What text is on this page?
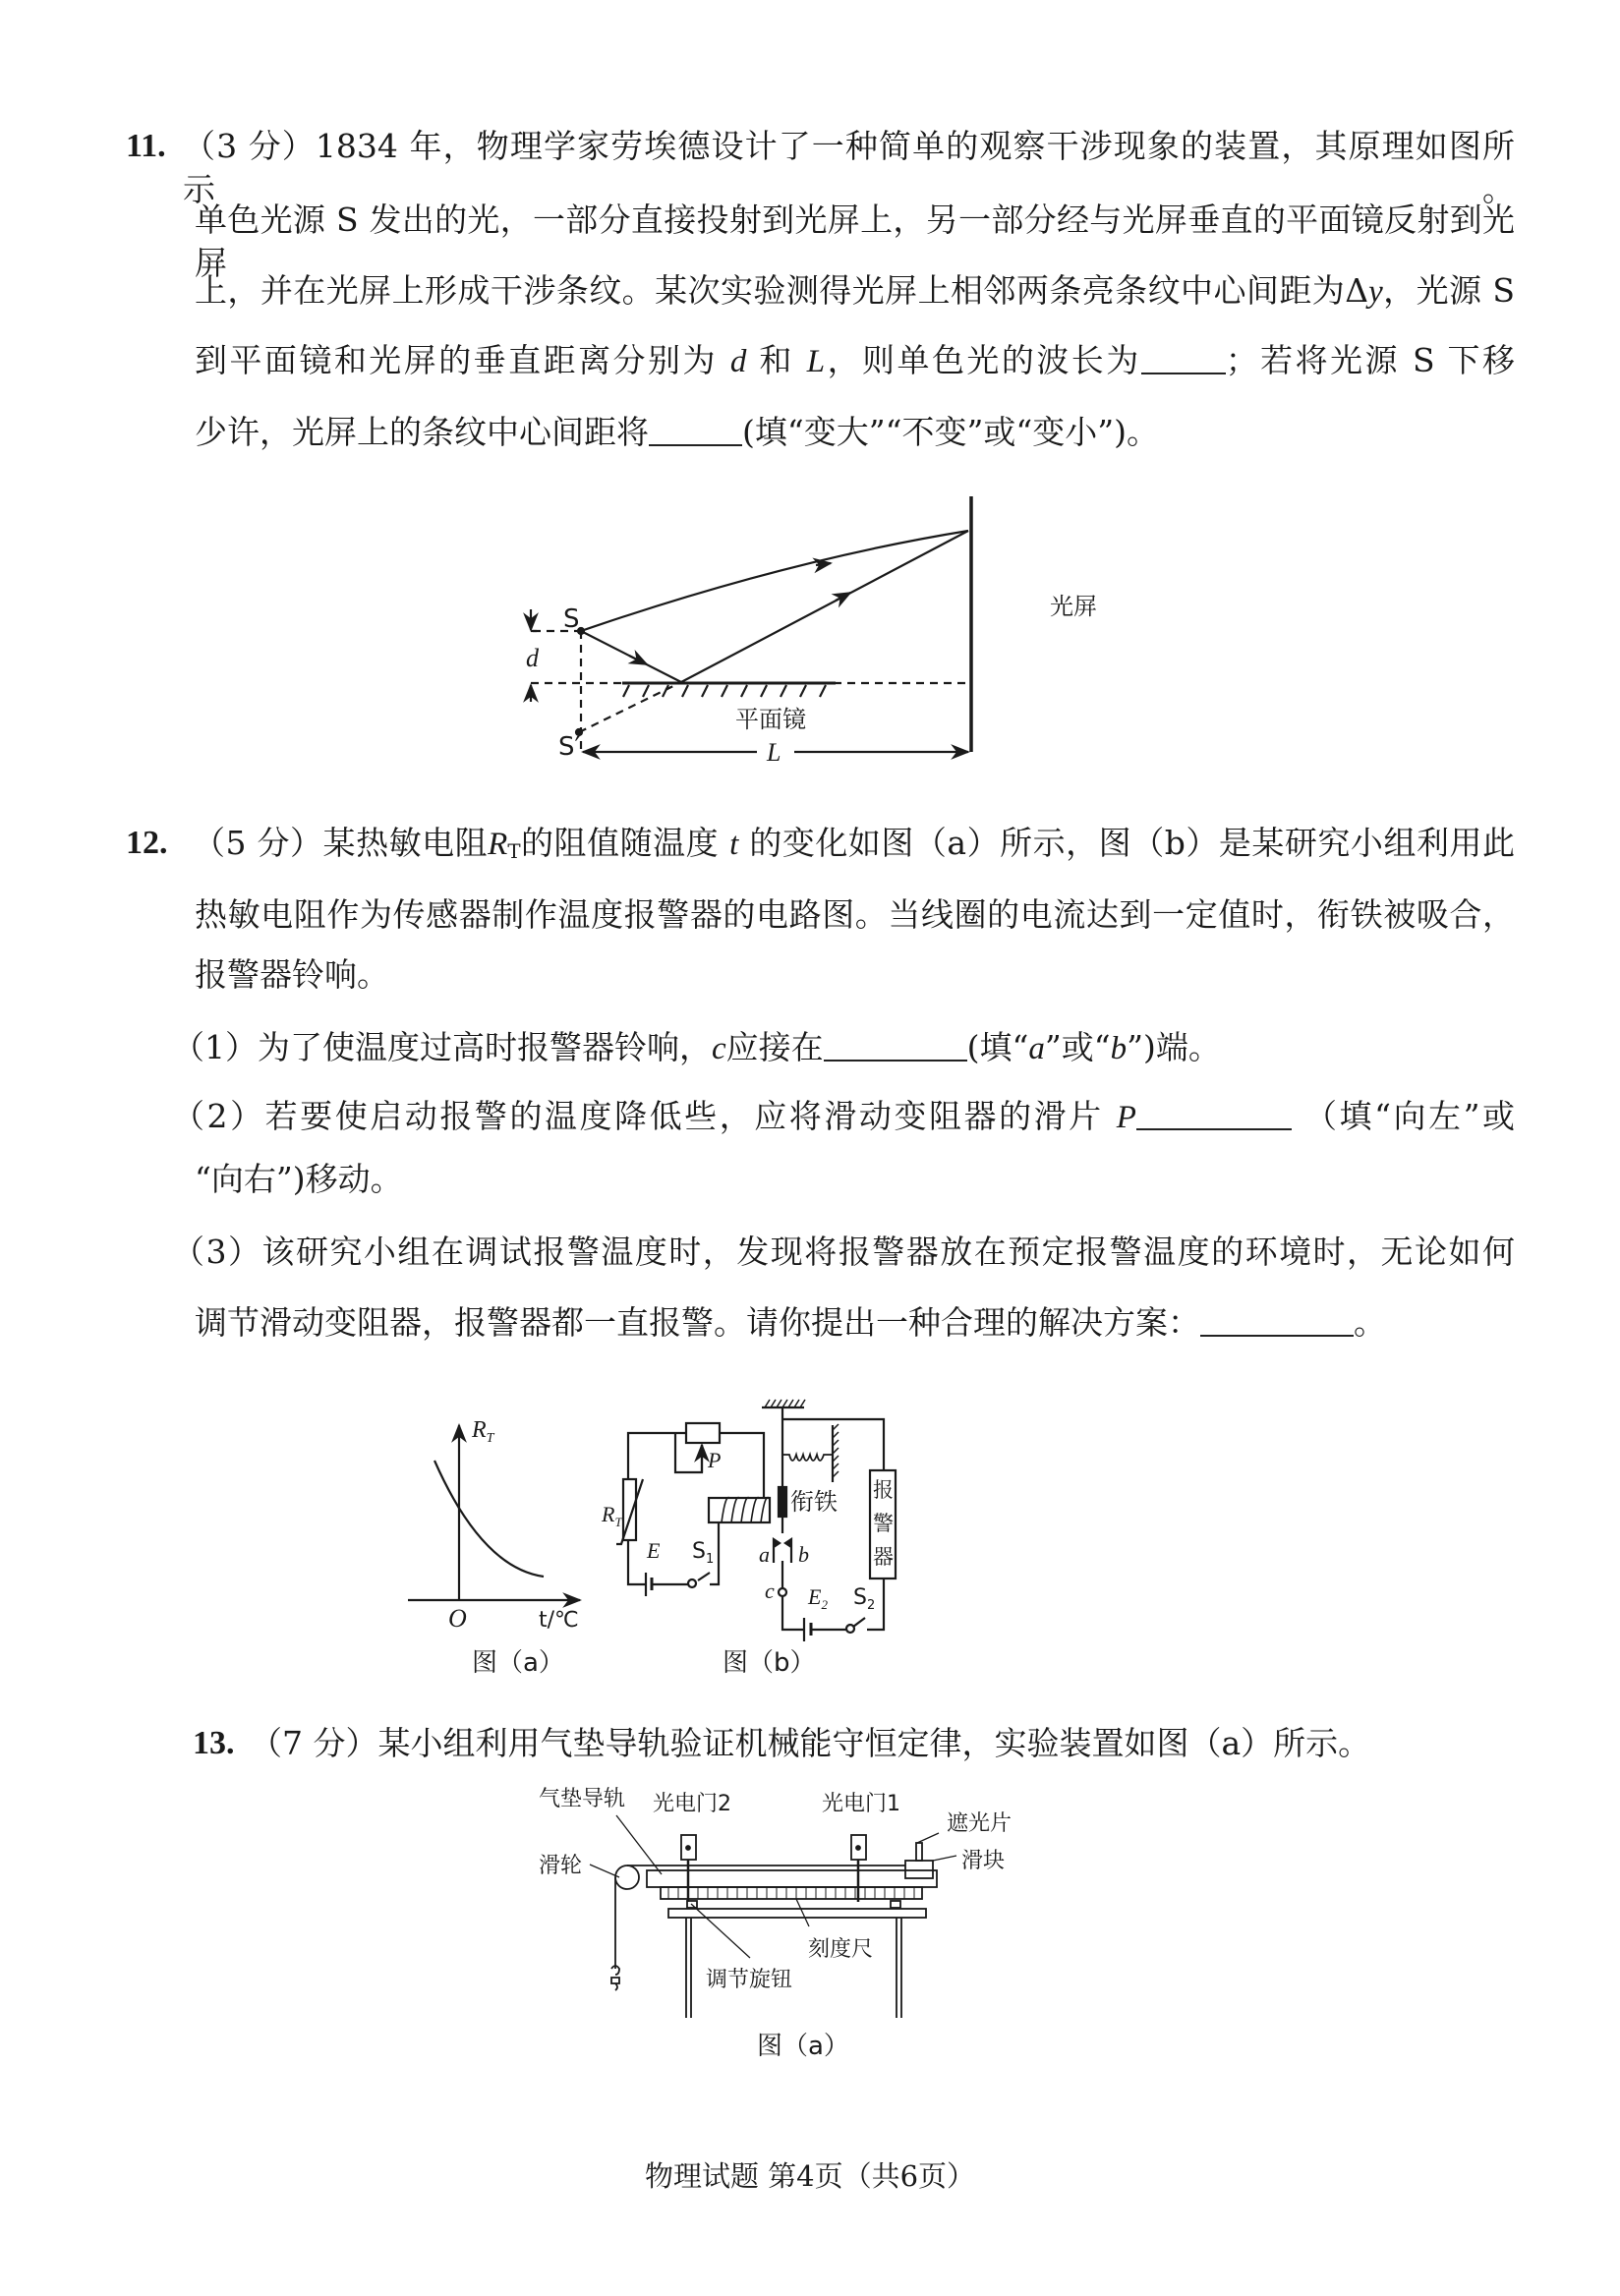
11. （3 分）1834 年，物理学家劳埃德设计了一种简单的观察干涉现象的装置，其原理如图所示。
单色光源 S 发出的光，一部分直接投射到光屏上，另一部分经与光屏垂直的平面镜反射到光屏
上，并在光屏上形成干涉条纹。某次实验测得光屏上相邻两条亮条纹中心间距为Δy，光源 S
到平面镜和光屏的垂直距离分别为 d 和 L，则单色光的波长为	；若将光源 S 下移
少许，光屏上的条纹中心间距将	(填“变大”“不变”或“变小”)。
12. （5 分）某热敏电阻$R_T$的阻值随温度 t 的变化如图（a）所示，图（b）是某研究小组利用此
热敏电阻作为传感器制作温度报警器的电路图。当线圈的电流达到一定值时，衔铁被吸合，
报警器铃响。
（1）为了使温度过高时报警器铃响，c应接在	(填“a”或“b”)端。
（2）若要使启动报警的温度降低些，应将滑动变阻器的滑片 P	（填“向左”或
“向右”)移动。
（3）该研究小组在调试报警温度时，发现将报警器放在预定报警温度的环境时，无论如何
调节滑动变阻器，报警器都一直报警。请你提出一种合理的解决方案：	。
13. （7 分）某小组利用气垫导轨验证机械能守恒定律，实验装置如图（a）所示。
S
d
平面镜
S′	L
光屏
$R_T$
O	t/℃
图（a）
$R_T$
P
E $S_1$
衔铁
a b
c $E_2$ $S_2$
报
警
器
图（b）
气垫导轨 光电门2	光电门1
遮光片
滑块
滑轮
刻度尺
调节旋钮
图（a）
物理试题 第4页（共6页）
